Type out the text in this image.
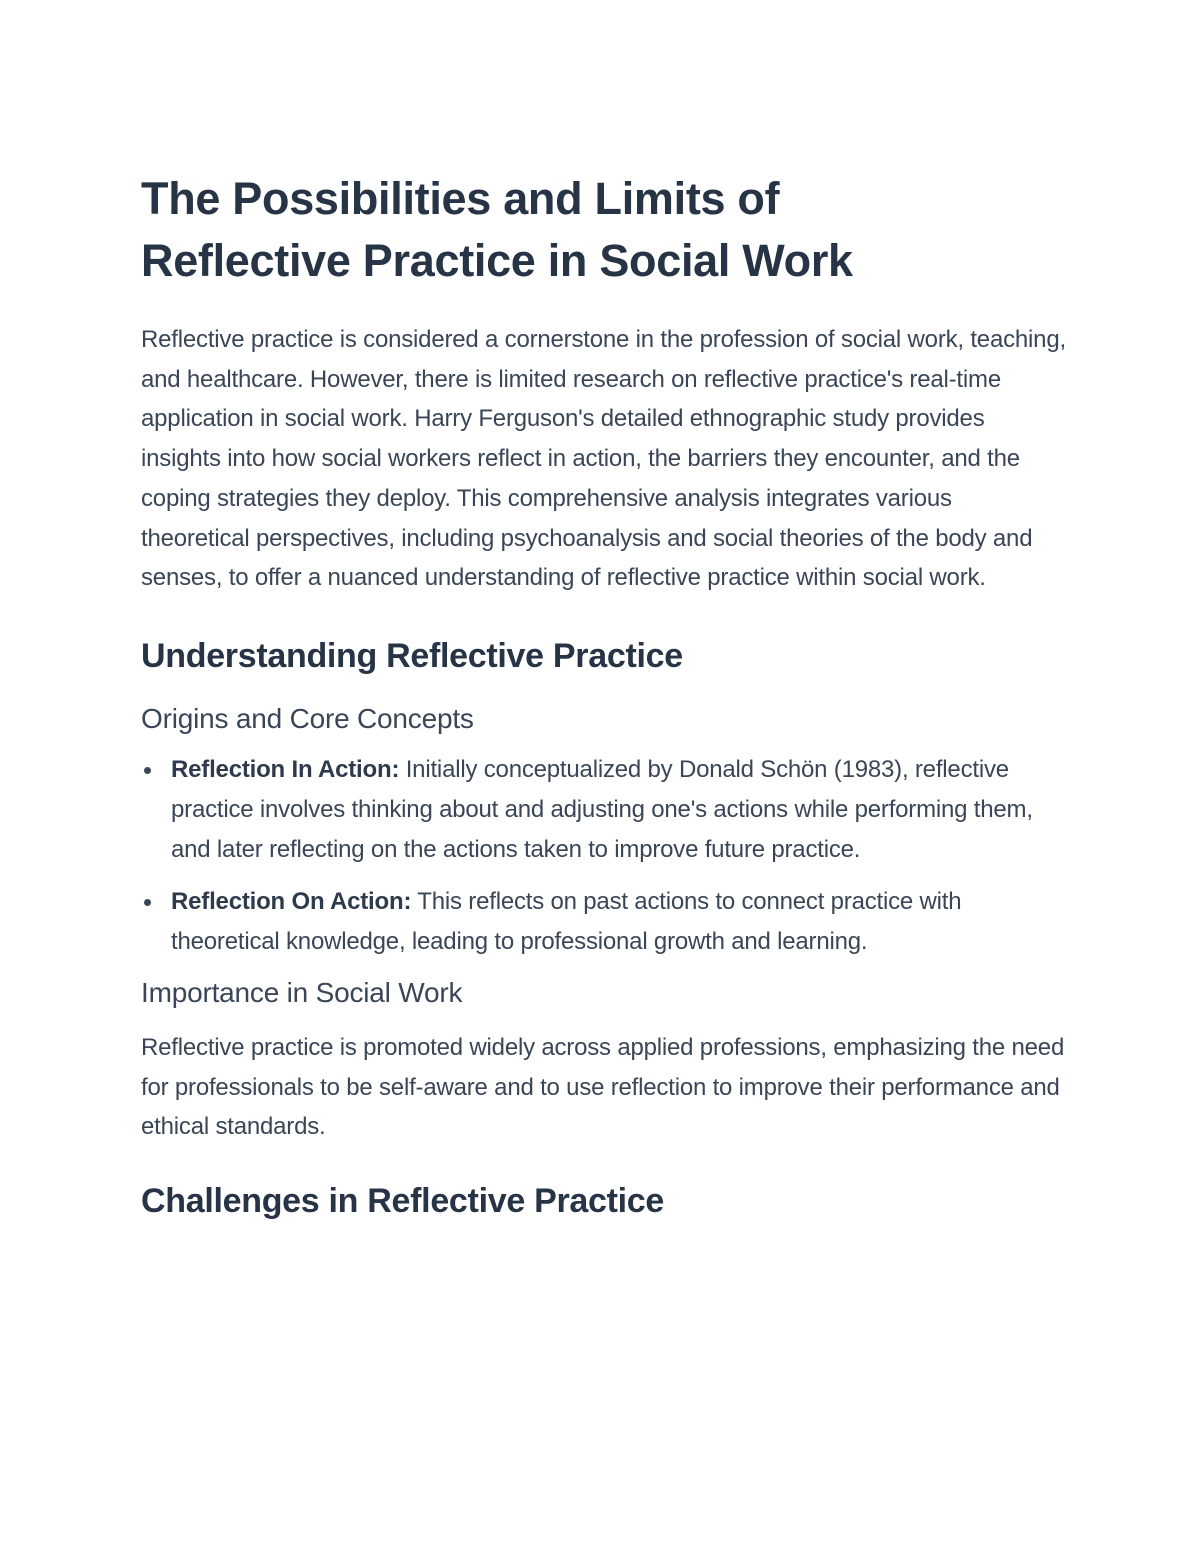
The Possibilities and Limits of
Reflective Practice in Social Work

Reflective practice is considered a cornerstone in the profession of social work, teaching, and healthcare. However, there is limited research on reflective practice's real-time application in social work. Harry Ferguson's detailed ethnographic study provides insights into how social workers reflect in action, the barriers they encounter, and the coping strategies they deploy. This comprehensive analysis integrates various theoretical perspectives, including psychoanalysis and social theories of the body and senses, to offer a nuanced understanding of reflective practice within social work.

Understanding Reflective Practice
Origins and Core Concepts
Reflection In Action: Initially conceptualized by Donald Schön (1983), reflective practice involves thinking about and adjusting one's actions while performing them, and later reflecting on the actions taken to improve future practice.
Reflection On Action: This reflects on past actions to connect practice with theoretical knowledge, leading to professional growth and learning.
Importance in Social Work

Reflective practice is promoted widely across applied professions, emphasizing the need for professionals to be self-aware and to use reflection to improve their performance and ethical standards.

Challenges in Reflective Practice
